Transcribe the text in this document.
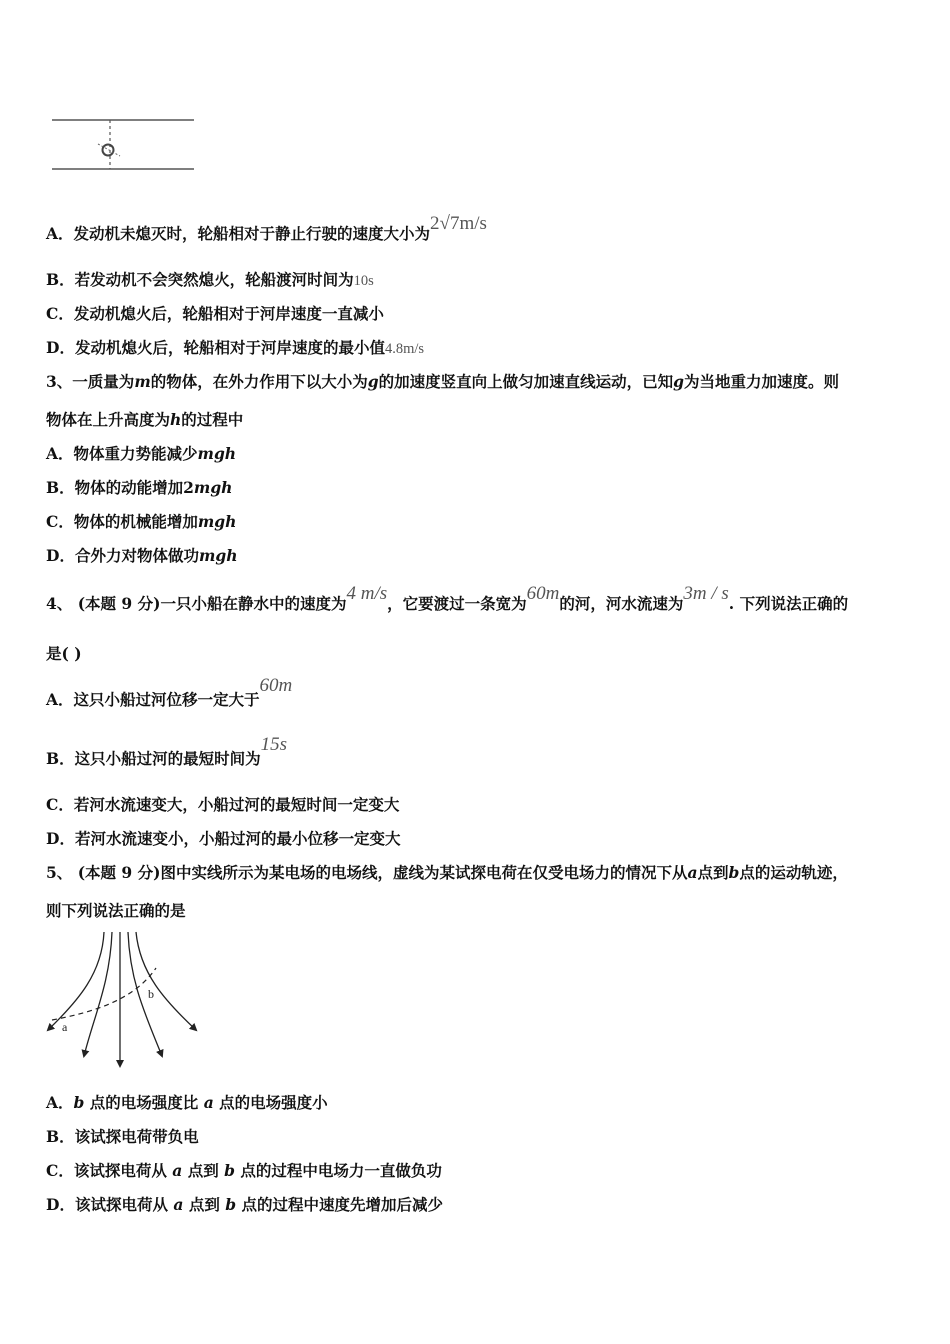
A．发动机未熄灭时，轮船相对于静止行驶的速度大小为2√7m/s
B．若发动机不会突然熄火，轮船渡河时间为10s
C．发动机熄火后，轮船相对于河岸速度一直减小
D．发动机熄火后，轮船相对于河岸速度的最小值4.8m/s
3、一质量为m的物体，在外力作用下以大小为g的加速度竖直向上做匀加速直线运动，已知g为当地重力加速度。则
物体在上升高度为h的过程中
A．物体重力势能减少mgh
B．物体的动能增加2mgh
C．物体的机械能增加mgh
D．合外力对物体做功mgh
4、 (本题 9 分)一只小船在静水中的速度为4 m/s，它要渡过一条宽为60m的河，河水流速为3m / s. 下列说法正确的
是( )
A．这只小船过河位移一定大于60m
B．这只小船过河的最短时间为15s
C．若河水流速变大，小船过河的最短时间一定变大
D．若河水流速变小，小船过河的最小位移一定变大
5、 (本题 9 分)图中实线所示为某电场的电场线，虚线为某试探电荷在仅受电场力的情况下从a点到b点的运动轨迹，
则下列说法正确的是
a
b
A．b 点的电场强度比 a 点的电场强度小
B．该试探电荷带负电
C．该试探电荷从 a 点到 b 点的过程中电场力一直做负功
D．该试探电荷从 a 点到 b 点的过程中速度先增加后减少
